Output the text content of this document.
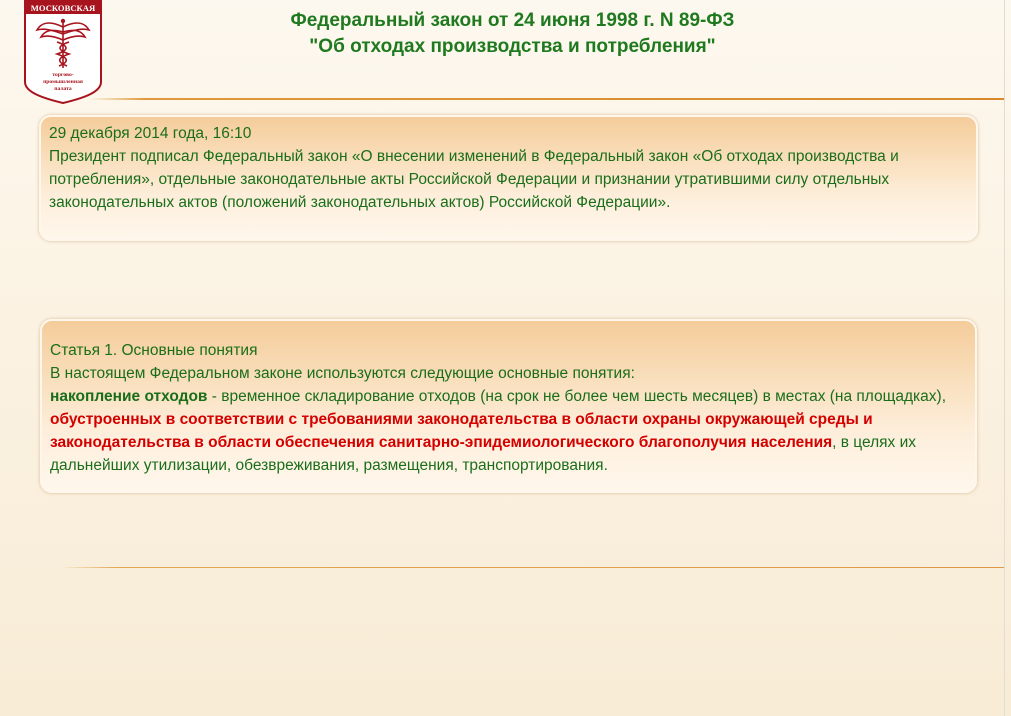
МОСКОВСКАЯ
торгово-
промышленная
палата
Федеральный закон от 24 июня 1998 г. N 89-ФЗ
"Об отходах производства и потребления"

29 декабря 2014 года, 16:10

Президент подписал Федеральный закон «О внесении изменений в Федеральный закон «Об отходах производства и потребления», отдельные законодательные акты Российской Федерации и признании утратившими силу отдельных законодательных актов (положений законодательных актов) Российской Федерации».

Статья 1. Основные понятия

В настоящем Федеральном законе используются следующие основные понятия:

накопление отходов - временное складирование отходов (на срок не более чем шесть месяцев) в местах (на площадках), обустроенных в соответствии с требованиями законодательства в области охраны окружающей среды и законодательства в области обеспечения санитарно-эпидемиологического благополучия населения, в целях их дальнейших утилизации, обезвреживания, размещения, транспортирования.
